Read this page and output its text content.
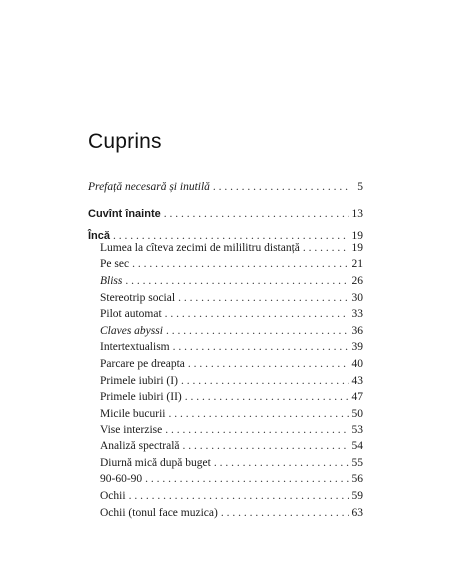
Cuprins
Prefață necesară și inutilă . . .	5
Cuvînt înainte . . .	13
Încă . . .	19
Lumea la cîteva zecimi de mililitru distanță . . .	19
Pe sec . . .	21
Bliss . . .	26
Stereotrip social . . .	30
Pilot automat . . .	33
Claves abyssi . . .	36
Intertextualism . . .	39
Parcare pe dreapta . . .	40
Primele iubiri (I) . . .	43
Primele iubiri (II) . . .	47
Micile bucurii . . .	50
Vise interzise . . .	53
Analiză spectrală . . .	54
Diurnă mică după buget . . .	55
90-60-90 . . .	56
Ochii . . .	59
Ochii (tonul face muzica) . . .	63
